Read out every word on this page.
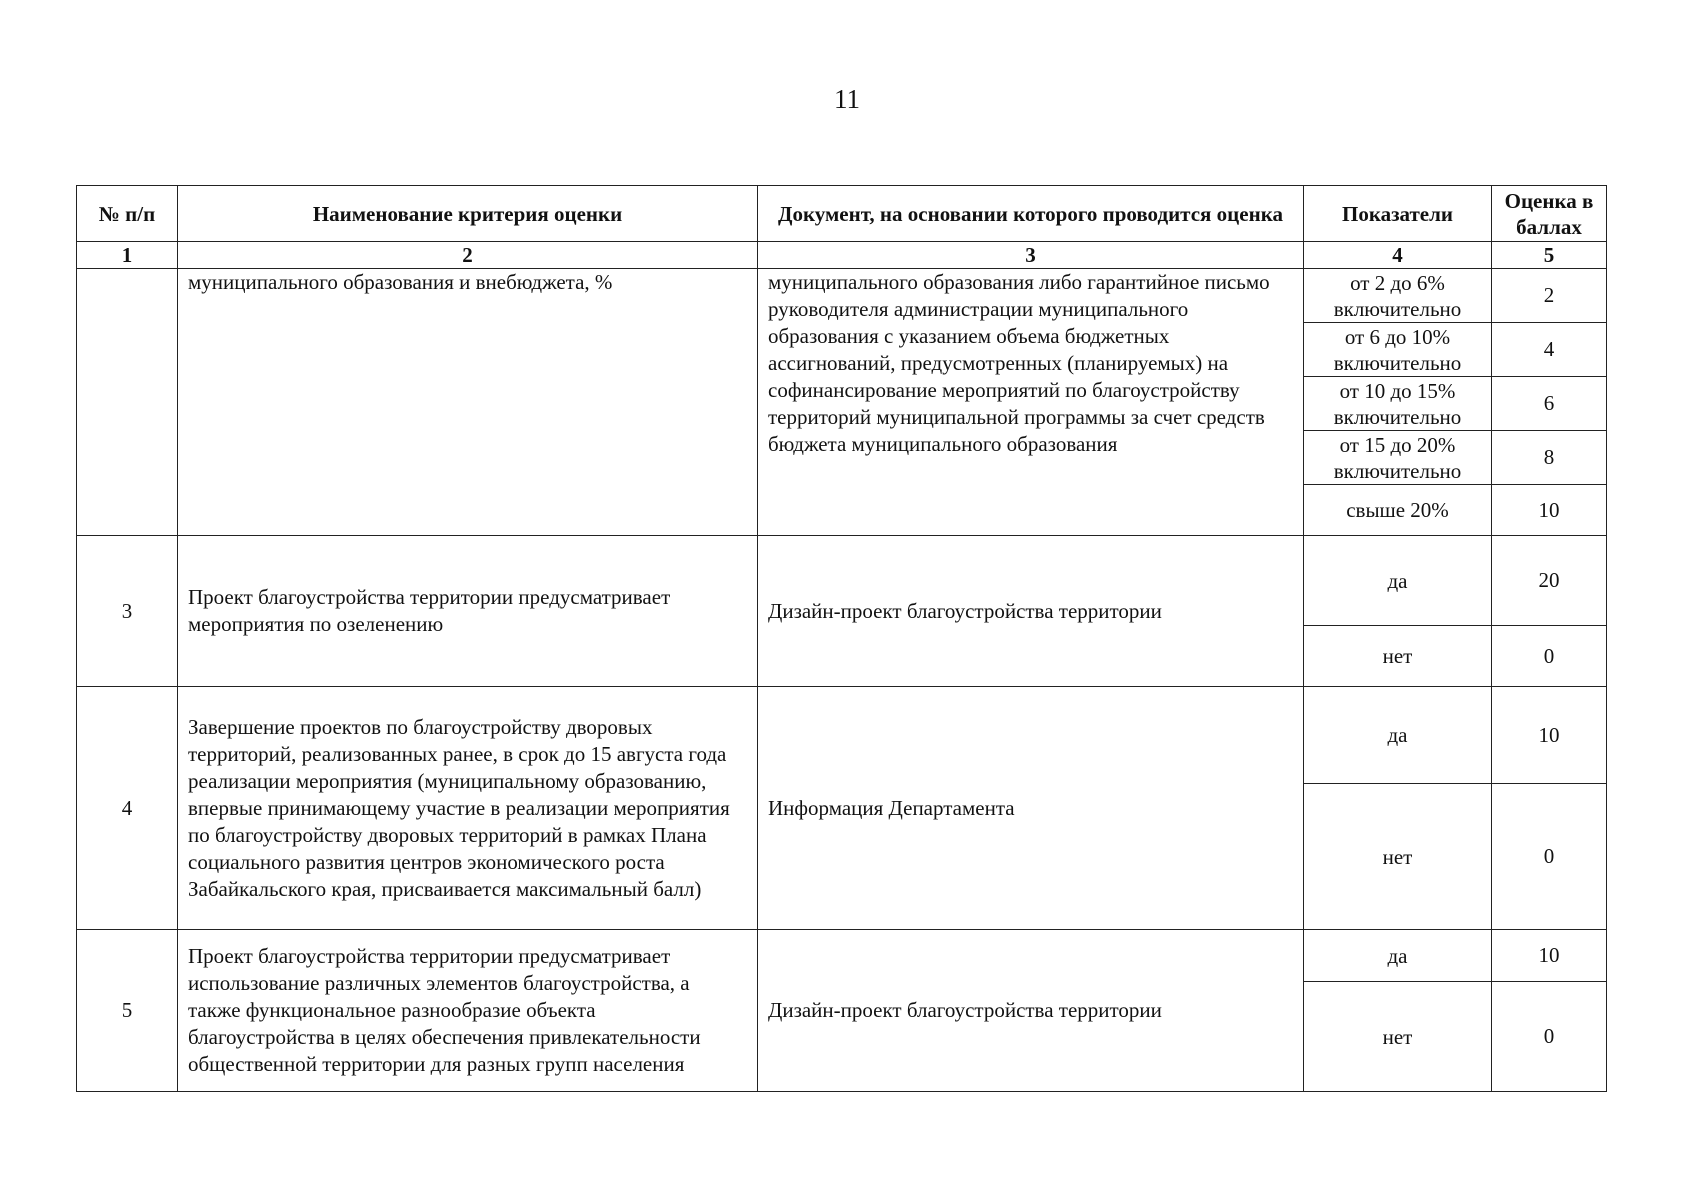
11
№ п/п	Наименование критерия оценки	Документ, на основании которого проводится оценка	Показатели	Оценка в баллах
1	2	3	4	5
	муниципального образования и внебюджета, %	муниципального образования либо гарантийное письмо руководителя администрации муниципального образования с указанием объема бюджетных ассигнований, предусмотренных (планируемых) на софинансирование мероприятий по благоустройству территорий муниципальной программы за счет средств бюджета муниципального образования	от 2 до 6% включительно	2
			от 6 до 10% включительно	4
			от 10 до 15% включительно	6
			от 15 до 20% включительно	8
			свыше 20%	10
3	Проект благоустройства территории предусматривает мероприятия по озеленению	Дизайн-проект благоустройства территории	да	20
			нет	0
4	Завершение проектов по благоустройству дворовых территорий, реализованных ранее, в срок до 15 августа года реализации мероприятия (муниципальному образованию, впервые принимающему участие в реализации мероприятия по благоустройству дворовых территорий в рамках Плана социального развития центров экономического роста Забайкальского края, присваивается максимальный балл)	Информация Департамента	да	10
			нет	0
5	Проект благоустройства территории предусматривает использование различных элементов благоустройства, а также функциональное разнообразие объекта благоустройства в целях обеспечения привлекательности общественной территории для разных групп населения	Дизайн-проект благоустройства территории	да	10
			нет	0
